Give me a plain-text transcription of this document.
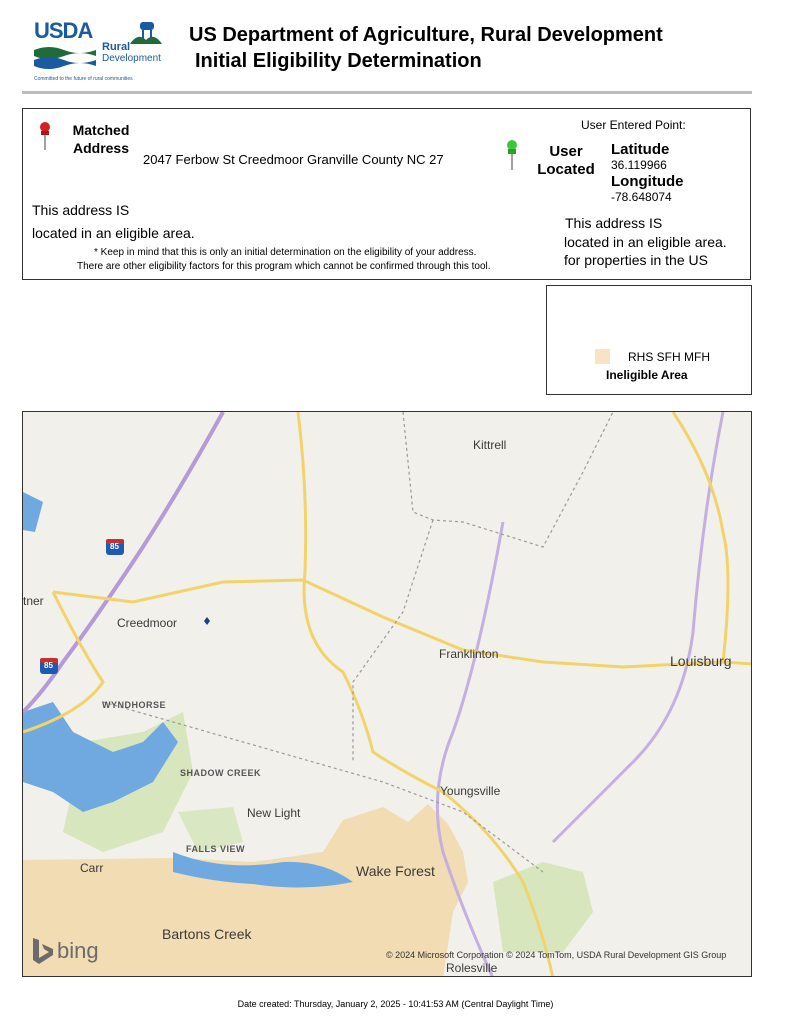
USDA
Rural
Development
Committed to the future of rural communities
US Department of Agriculture, Rural Development
Initial Eligibility Determination
Matched
Address
2047 Ferbow St Creedmoor Granville County NC 27
This address IS
located in an eligible area.
* Keep in mind that this is only an initial determination on the eligibility of your address.
There are other eligibility factors for this program which cannot be confirmed through this tool.
User Entered Point:
User
Located
Latitude
36.119966
Longitude
-78.648074
This address IS
located in an eligible area.
for properties in the US
RHS SFH MFH
Ineligible Area
85
85
Kittrell
tner
Creedmoor
Franklinton	Louisburg
WYNDHORSE
SHADOW CREEK
Youngsville
New Light
Carr
FALLS VIEW
Wake Forest
Bartons Creek
Rolesville
bing	© 2024 Microsoft Corporation © 2024 TomTom, USDA Rural Development GIS Group
Date created: Thursday, January 2, 2025 - 10:41:53 AM (Central Daylight Time)
